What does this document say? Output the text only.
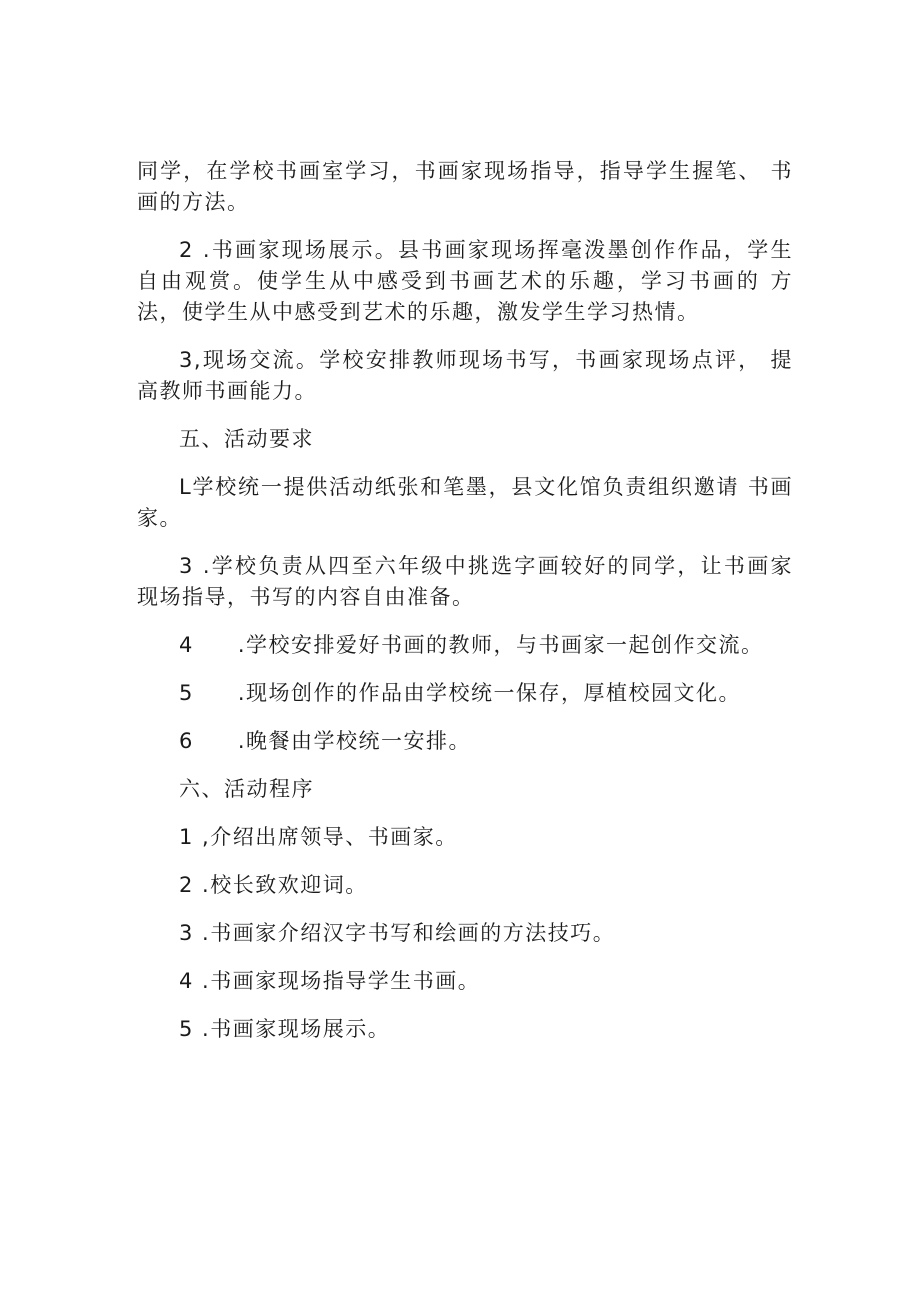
同学，在学校书画室学习，书画家现场指导，指导学生握笔、 书画的方法。

2 .书画家现场展示。县书画家现场挥毫泼墨创作作品，学生自由观赏。使学生从中感受到书画艺术的乐趣，学习书画的 方法，使学生从中感受到艺术的乐趣，激发学生学习热情。

3,现场交流。学校安排教师现场书写，书画家现场点评， 提高教师书画能力。

五、活动要求

L学校统一提供活动纸张和笔墨，县文化馆负责组织邀请 书画家。

3 .学校负责从四至六年级中挑选字画较好的同学，让书画家现场指导，书写的内容自由准备。

4 .学校安排爱好书画的教师，与书画家一起创作交流。

5 .现场创作的作品由学校统一保存，厚植校园文化。

6 .晚餐由学校统一安排。

六、活动程序

1 ,介绍出席领导、书画家。

2 .校长致欢迎词。

3 .书画家介绍汉字书写和绘画的方法技巧。

4 .书画家现场指导学生书画。

5 .书画家现场展示。
